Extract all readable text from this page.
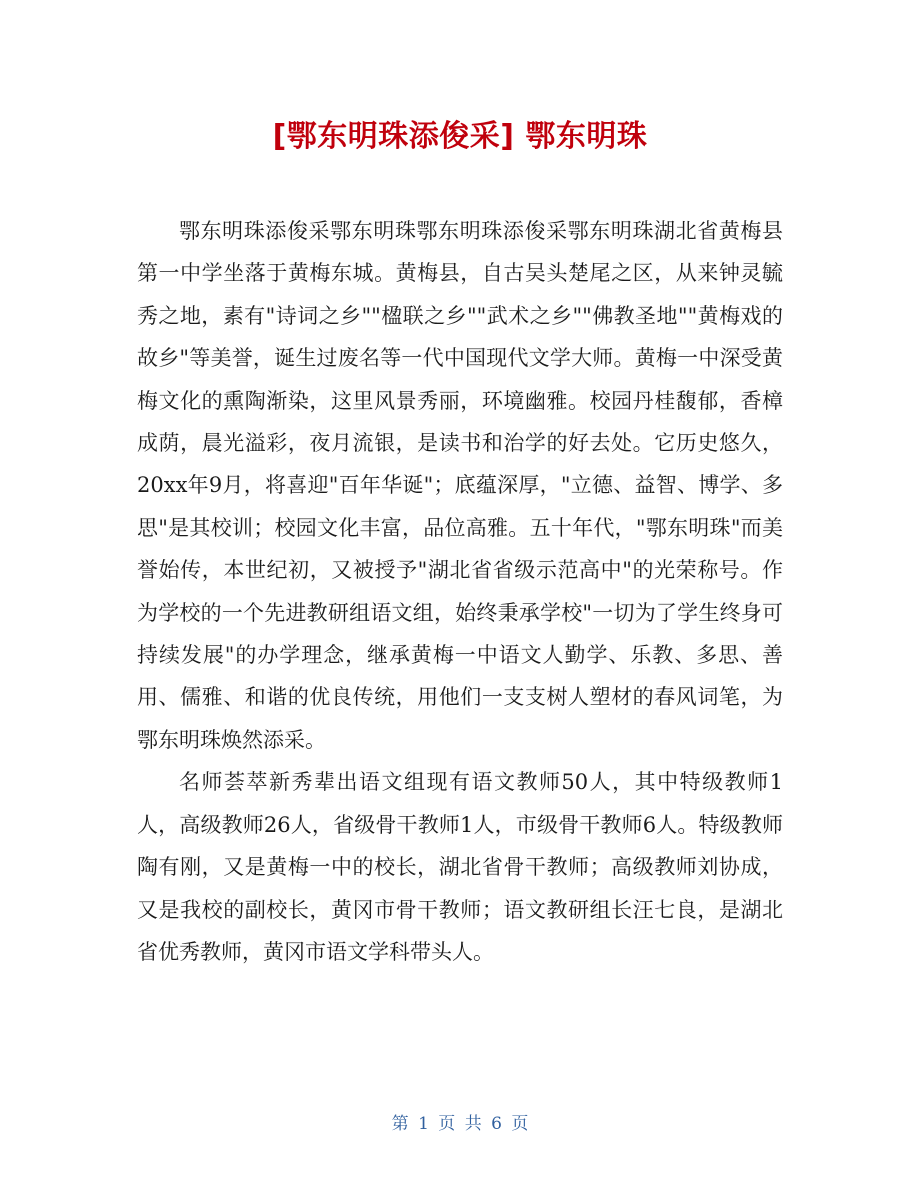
[鄂东明珠添俊采] 鄂东明珠

鄂东明珠添俊采鄂东明珠鄂东明珠添俊采鄂东明珠湖北省黄梅县第一中学坐落于黄梅东城。黄梅县，自古吴头楚尾之区，从来钟灵毓秀之地，素有"诗词之乡""楹联之乡""武术之乡""佛教圣地""黄梅戏的故乡"等美誉，诞生过废名等一代中国现代文学大师。黄梅一中深受黄梅文化的熏陶渐染，这里风景秀丽，环境幽雅。校园丹桂馥郁，香樟成荫，晨光溢彩，夜月流银，是读书和治学的好去处。它历史悠久，20xx年9月，将喜迎"百年华诞"；底蕴深厚，"立德、益智、博学、多思"是其校训；校园文化丰富，品位高雅。五十年代，"鄂东明珠"而美誉始传，本世纪初，又被授予"湖北省省级示范高中"的光荣称号。作为学校的一个先进教研组语文组，始终秉承学校"一切为了学生终身可持续发展"的办学理念，继承黄梅一中语文人勤学、乐教、多思、善用、儒雅、和谐的优良传统，用他们一支支树人塑材的春风词笔，为鄂东明珠焕然添采。

名师荟萃新秀辈出语文组现有语文教师50人，其中特级教师1人，高级教师26人，省级骨干教师1人，市级骨干教师6人。特级教师陶有刚，又是黄梅一中的校长，湖北省骨干教师；高级教师刘协成，又是我校的副校长，黄冈市骨干教师；语文教研组长汪七良，是湖北省优秀教师，黄冈市语文学科带头人。

第 1 页 共 6 页
